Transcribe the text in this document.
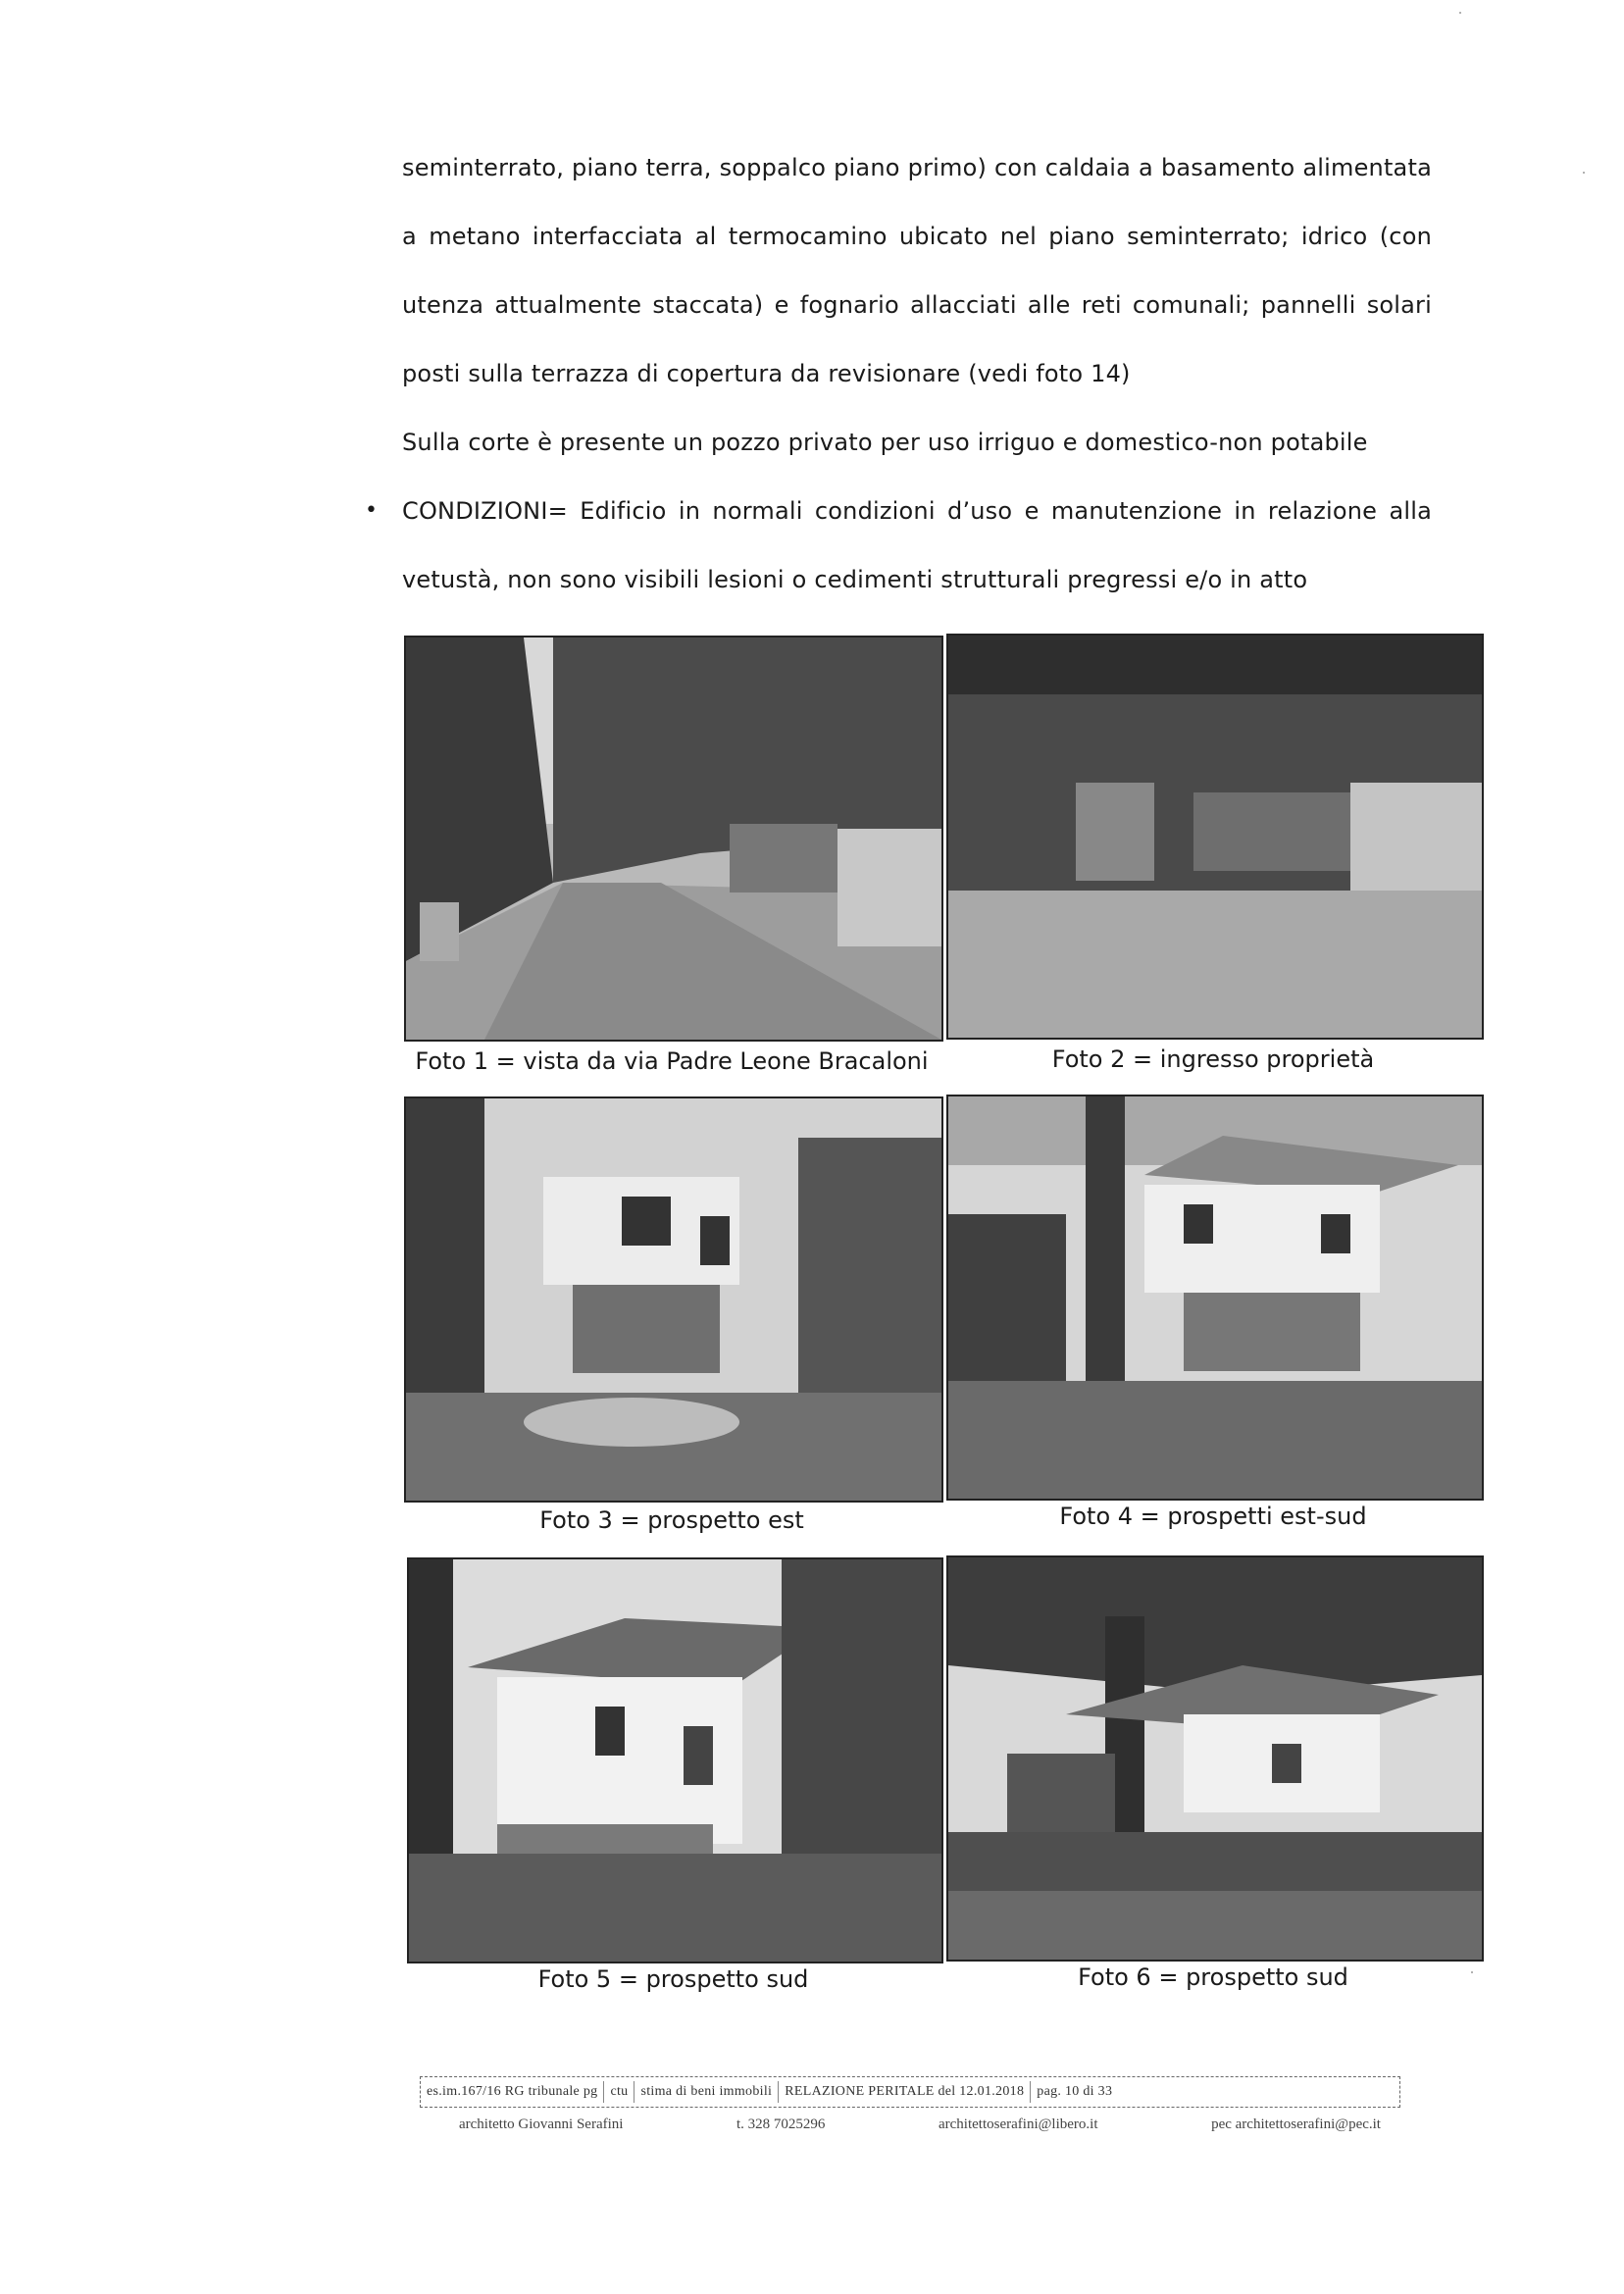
seminterrato, piano terra, soppalco piano primo) con caldaia a basamento alimentata
a metano interfacciata al termocamino ubicato nel piano seminterrato; idrico (con
utenza attualmente staccata) e fognario allacciati alle reti comunali; pannelli solari
posti sulla terrazza di copertura da revisionare (vedi foto 14)
Sulla corte è presente un pozzo privato per uso irriguo e domestico-non potabile
• CONDIZIONI= Edificio in normali condizioni d’uso e manutenzione in relazione alla
vetustà, non sono visibili lesioni o cedimenti strutturali pregressi e/o in atto
Foto 1 = vista da via Padre Leone Bracaloni	Foto 2 = ingresso proprietà
Foto 3 = prospetto est	Foto 4 = prospetti est-sud
Foto 5 = prospetto sud	Foto 6 = prospetto sud
es.im.167/16 RG tribunale pg ctu stima di beni immobili RELAZIONE PERITALE del 12.01.2018 pag. 10 di 33
architetto Giovanni Serafini	t. 328 7025296	architettoserafini@libero.it	pec architettoserafini@pec.it
